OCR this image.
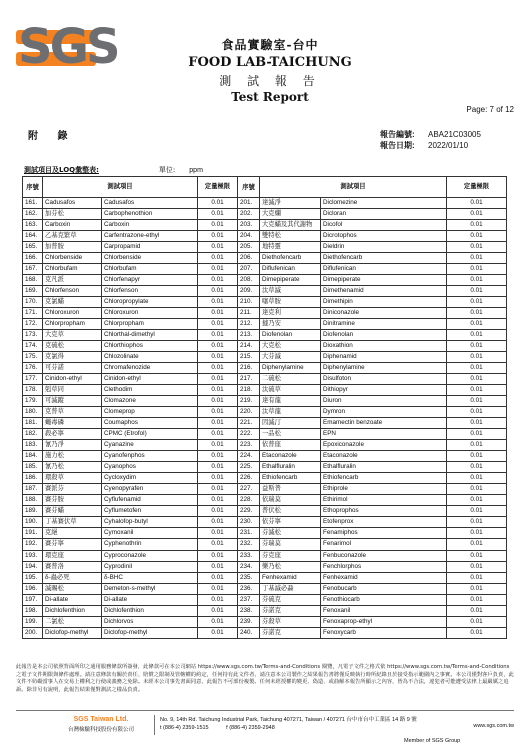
SGS	食品實驗室-台中
FOOD LAB-TAICHUNG
測 試 報 告
Test Report
Page: 7 of 12
附 錄	報告編號:	ABA21C03005
報告日期:	2022/01/10
測試項目及LOQ彙整表:	單位: ppm
序號	測試項目		定量極限	序號	測試項目		定量極限
161.	Cadusafos	Cadusafos	0.01	201.	達滅淨	Diclomezine	0.01
162.	加芬松	Carbophenothion	0.01	202.	大克爛	Dicloran	0.01
163.	Carboxin	Carboxin	0.01	203.	大克蟎及其代謝物	Dicofol	0.01
164.	乙基克繁草	Carfentrazone-ethyl	0.01	204.	雙特松	Dicrotophos	0.01
165.	加普胺	Carpropamid	0.01	205.	地特靈	Dieldrin	0.01
166.	Chlorbenside	Chlorbenside	0.01	206.	Diethofencarb	Diethofencarb	0.01
167.	Chlorbufam	Chlorbufam	0.01	207.	Diflufenican	Diflufenican	0.01
168.	克凡派	Chlorfenapyr	0.01	208.	Dimepiperate	Dimepiperate	0.01
169.	Chlorfenson	Chlorfenson	0.01	209.	汰草滅	Dimethenamid	0.01
170.	克氯蟎	Chloropropylate	0.01	210.	噻草胺	Dimethipin	0.01
171.	Chloroxuron	Chloroxuron	0.01	211.	達克利	Diniconazole	0.01
172.	Chlorpropham	Chlorpropham	0.01	212.	撻乃安	Dinitramine	0.01
173.	大克草	Chlorthal-dimethyl	0.01	213.	Diofenolan	Diofenolan	0.01
174.	克硫松	Chlorthiophos	0.01	214.	大克松	Dioxathion	0.01
175.	克氯得	Chlozolinate	0.01	215.	大芬滅	Diphenamid	0.01
176.	可芬諾	Chromafenozide	0.01	216.	Diphenylamine	Diphenylamine	0.01
177.	Cinidon-ethyl	Cinidon-ethyl	0.01	217.	二硫松	Disulfoton	0.01
178.	剋草同	Clethodim	0.01	218.	汰硫草	Dithiopyr	0.01
179.	可滅蹤	Clomazone	0.01	219.	達有龍	Diuron	0.01
180.	克普草	Clomeprop	0.01	220.	汰草龍	Dymron	0.01
181.	蠅毒磷	Coumaphos	0.01	221.	因滅汀	Emamectin benzoate	0.01
182.	殺必寧	CPMC (Etrofol)	0.01	222.	一品松	EPN	0.01
183.	氰乃淨	Cyanazine	0.01	223.	依普座	Epoxiconazole	0.01
184.	施力松	Cyanofenphos	0.01	224.	Etaconazole	Etaconazole	0.01
185.	氰乃松	Cyanophos	0.01	225.	Ethalfluralin	Ethalfluralin	0.01
186.	環殺草	Cycloxydim	0.01	226.	Ethiofencarb	Ethiofencarb	0.01
187.	賽派芬	Cyenopyrafen	0.01	227.	益斯普	Ethiprole	0.01
188.	賽芬胺	Cyflufenamid	0.01	228.	依瑞莫	Ethirimol	0.01
189.	賽芬蟎	Cyflumetofen	0.01	229.	普伏松	Ethoprophos	0.01
190.	丁基賽伏草	Cyhalofop-butyl	0.01	230.	依芬寧	Etofenprox	0.01
191.	克絕	Cymoxanil	0.01	231.	芬滅松	Fenamiphos	0.01
192.	賽芬寧	Cyphenothrin	0.01	232.	芬瑞莫	Fenarimol	0.01
193.	環克座	Cyproconazole	0.01	233.	芬克座	Fenbuconazole	0.01
194.	賽普洛	Cyprodinil	0.01	234.	樂乃松	Fenchlorphos	0.01
195.	δ-蟲必死	δ-BHC	0.01	235.	Fenhexamid	Fenhexamid	0.01
196.	滅賜松	Demeton-s-methyl	0.01	236.	丁基滅必蝨	Fenobucarb	0.01
197.	Di-allate	Di-allate	0.01	237.	芬硫克	Fenothiocarb	0.01
198.	Dichlofenthion	Dichlofenthion	0.01	238.	芬諾克	Fenoxanil	0.01
199.	二氯松	Dichlorvos	0.01	239.	芬殺草	Fenoxaprop-ethyl	0.01
200.	Diclofop-methyl	Diclofop-methyl	0.01	240.	芬諾克	Fenoxycarb	0.01
此報告是本公司依照背面所印之通用服務條款所簽發，此條款可在本公司網站 https://www.sgs.com.tw/Terms-and-Conditions 閱覽，凡電子文件之格式依 https://www.sgs.com.tw/Terms-and-Conditions 之電子文件期限與條件處理。請注意條款有關於責任、賠償之限制及管轄權的約定，任何持有此文件者，請注意本公司製作之結果報告書將僅反映執行時所紀錄且於接受指示範圍內之事實。本公司僅對客戶負責，此文件不妨礙當事人在交易上權利之行使或義務之免除。未經本公司事先書面同意，此報告不可部份複製。任何未經授權的變更、偽造、或曲解本報告所顯示之內容，皆為不合法，違犯者可能遭受法律上最嚴厲之追訴。除非另有說明，此報告結果僅對測試之樣品負責。
SGS Taiwan Ltd.
台灣檢驗科技股份有限公司
No. 9, 14th Rd. Taichung Industrial Park, Taichung 407271, Taiwan / 407271 台中市台中工業區 14 路 9 號
t (886-4) 2359-1515	f (886-4) 2359-2948	www.sgs.com.tw
Member of SGS Group
